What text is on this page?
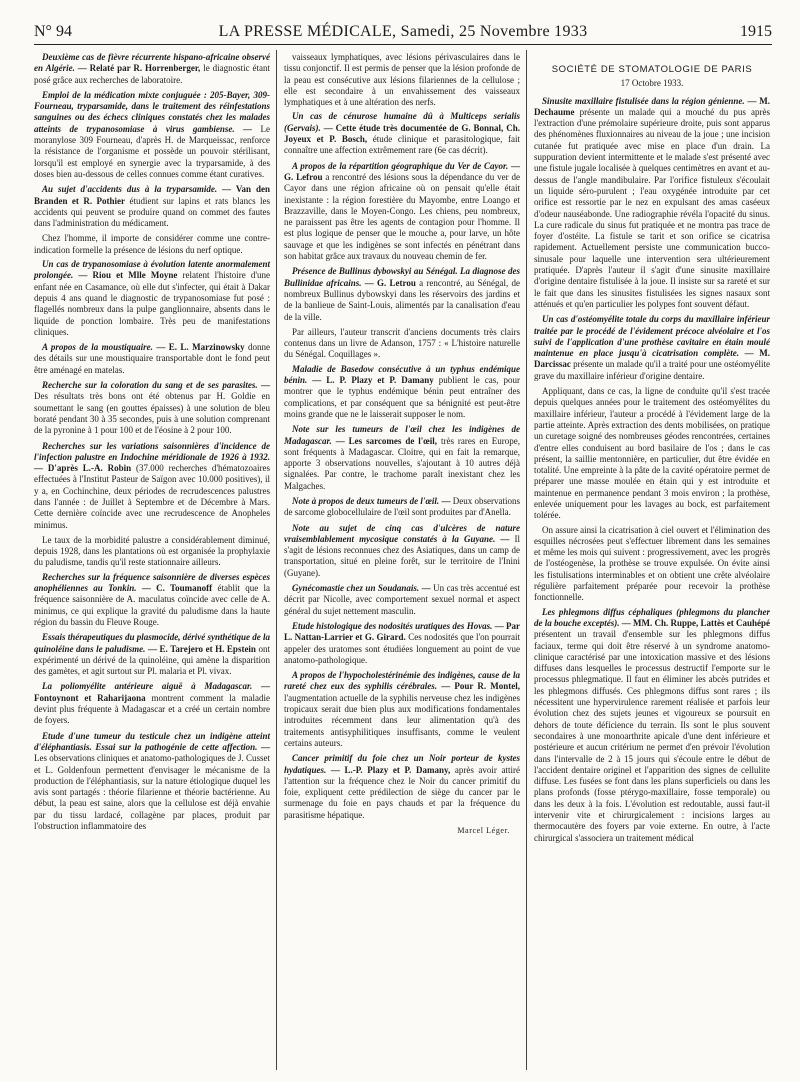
N° 94	LA PRESSE MÉDICALE, Samedi, 25 Novembre 1933	1915

Deuxième cas de fièvre récurrente hispano-africaine observé en Algérie. — Relaté par R. Horrenberger, le diagnostic étant posé grâce aux recherches de laboratoire.

Emploi de la médication mixte conjuguée : 205-Bayer, 309-Fourneau, tryparsamide, dans le traitement des réinfestations sanguines ou des échecs cliniques constatés chez les malades atteints de trypanosomiase à virus gambiense. — Le moranylose 309 Fourneau, d'après H. de Marqueissac, renforce la résistance de l'organisme et possède un pouvoir stérilisant, lorsqu'il est employé en synergie avec la tryparsamide, à des doses bien au-dessous de celles connues comme étant curatives.

Au sujet d'accidents dus à la tryparsamide. — Van den Branden et R. Pothier étudient sur lapins et rats blancs les accidents qui peuvent se produire quand on commet des fautes dans l'administration du médicament.

Chez l'homme, il importe de considérer comme une contre-indication formelle la présence de lésions du nerf optique.

Un cas de trypanosomiase à évolution latente anormalement prolongée. — Riou et Mlle Moyne relatent l'histoire d'une enfant née en Casamance, où elle dut s'infecter, qui était à Dakar depuis 4 ans quand le diagnostic de trypanosomiase fut posé : flagellés nombreux dans la pulpe ganglionnaire, absents dans le liquide de ponction lombaire. Très peu de manifestations cliniques.

A propos de la moustiquaire. — E. L. Marzinowsky donne des détails sur une moustiquaire transportable dont le fond peut être aménagé en matelas.

Recherche sur la coloration du sang et de ses parasites. — Des résultats très bons ont été obtenus par H. Goldie en soumettant le sang (en gouttes épaisses) à une solution de bleu boraté pendant 30 à 35 secondes, puis à une solution comprenant de la pyronine à 1 pour 100 et de l'éosine à 2 pour 100.

Recherches sur les variations saisonnières d'incidence de l'infection palustre en Indochine méridionale de 1926 à 1932. — D'après L.-A. Robin (37.000 recherches d'hématozoaires effectuées à l'Institut Pasteur de Saïgon avec 10.000 positives), il y a, en Cochinchine, deux périodes de recrudescences palustres dans l'année : de Juillet à Septembre et de Décembre à Mars. Cette dernière coïncide avec une recrudescence de Anopheles minimus.

Le taux de la morbidité palustre a considérablement diminué, depuis 1928, dans les plantations où est organisée la prophylaxie du paludisme, tandis qu'il reste stationnaire ailleurs.

Recherches sur la fréquence saisonnière de diverses espèces anophéliennes au Tonkin. — C. Toumanoff établit que la fréquence saisonnière de A. maculatus coïncide avec celle de A. minimus, ce qui explique la gravité du paludisme dans la haute région du bassin du Fleuve Rouge.

Essais thérapeutiques du plasmocide, dérivé synthétique de la quinoléine dans le paludisme. — E. Tarejero et H. Epstein ont expérimenté un dérivé de la quinoléine, qui amène la disparition des gamètes, et agit surtout sur Pl. malaria et Pl. vivax.

La poliomyélite antérieure aiguë à Madagascar. — Fontoynont et Raharijaona montrent comment la maladie devint plus fréquente à Madagascar et a créé un certain nombre de foyers.

Etude d'une tumeur du testicule chez un indigène atteint d'éléphantiasis. Essai sur la pathogénie de cette affection. — Les observations cliniques et anatomo-pathologiques de J. Cusset et L. Goldenfoun permettent d'envisager le mécanisme de la production de l'éléphantiasis, sur la nature étiologique duquel les avis sont partagés : théorie filarienne et théorie bactérienne. Au début, la peau est saine, alors que la cellulose est déjà envahie par du tissu lardacé, collagène par places, produit par l'obstruction inflammatoire des

vaisseaux lymphatiques, avec lésions périvasculaires dans le tissu conjonctif. Il est permis de penser que la lésion profonde de la peau est consécutive aux lésions filariennes de la cellulose ; elle est secondaire à un envahissement des vaisseaux lymphatiques et à une altération des nerfs.

Un cas de cénurose humaine dû à Multiceps serialis (Gervais). — Cette étude très documentée de G. Bonnal, Ch. Joyeux et P. Bosch, étude clinique et parasitologique, fait connaître une affection extrêmement rare (6e cas décrit).

A propos de la répartition géographique du Ver de Cayor. — G. Lefrou a rencontré des lésions sous la dépendance du ver de Cayor dans une région africaine où on pensait qu'elle était inexistante : la région forestière du Mayombe, entre Loango et Brazzaville, dans le Moyen-Congo. Les chiens, peu nombreux, ne paraissent pas être les agents de contagion pour l'homme. Il est plus logique de penser que le mouche a, pour larve, un hôte sauvage et que les indigènes se sont infectés en pénétrant dans son habitat grâce aux travaux du nouveau chemin de fer.

Présence de Bullinus dybowskyi au Sénégal. La diagnose des Bullinidae africains. — G. Letrou a rencontré, au Sénégal, de nombreux Bullinus dybowskyi dans les réservoirs des jardins et de la banlieue de Saint-Louis, alimentés par la canalisation d'eau de la ville.

Par ailleurs, l'auteur transcrit d'anciens documents très clairs contenus dans un livre de Adanson, 1757 : « L'histoire naturelle du Sénégal. Coquillages ».

Maladie de Basedow consécutive à un typhus endémique bénin. — L. P. Plazy et P. Damany publient le cas, pour montrer que le typhus endémique bénin peut entraîner des complications, et par conséquent que sa bénignité est peut-être moins grande que ne le laisserait supposer le nom.

Note sur les tumeurs de l'œil chez les indigènes de Madagascar. — Les sarcomes de l'œil, très rares en Europe, sont fréquents à Madagascar. Cloitre, qui en fait la remarque, apporte 3 observations nouvelles, s'ajoutant à 10 autres déjà signalées. Par contre, le trachome paraît inexistant chez les Malgaches.

Note à propos de deux tumeurs de l'œil. — Deux observations de sarcome globocellulaire de l'œil sont produites par d'Anella.

Note au sujet de cinq cas d'ulcères de nature vraisemblablement mycosique constatés à la Guyane. — Il s'agit de lésions reconnues chez des Asiatiques, dans un camp de transportation, situé en pleine forêt, sur le territoire de l'Inini (Guyane).

Gynécomastie chez un Soudanais. — Un cas très accentué est décrit par Nicolle, avec comportement sexuel normal et aspect général du sujet nettement masculin.

Etude histologique des nodosités uratiques des Hovas. — Par L. Nattan-Larrier et G. Girard. Ces nodosités que l'on pourrait appeler des uratomes sont étudiées longuement au point de vue anatomo-pathologique.

A propos de l'hypocholestérinémie des indigènes, cause de la rareté chez eux des syphilis cérébrales. — Pour R. Montel, l'augmentation actuelle de la syphilis nerveuse chez les indigènes tropicaux serait due bien plus aux modifications fondamentales introduites récemment dans leur alimentation qu'à des traitements antisyphilitiques insuffisants, comme le veulent certains auteurs.

Cancer primitif du foie chez un Noir porteur de kystes hydatiques. — L.-P. Plazy et P. Damany, après avoir attiré l'attention sur la fréquence chez le Noir du cancer primitif du foie, expliquent cette prédilection de siège du cancer par le surmenage du foie en pays chauds et par la fréquence du parasitisme hépatique.

Marcel Léger.
SOCIÉTÉ DE STOMATOLOGIE DE PARIS
17 Octobre 1933.

Sinusite maxillaire fistulisée dans la région génienne. — M. Dechaume présente un malade qui a mouché du pus après l'extraction d'une prémolaire supérieure droite, puis sont apparus des phénomènes fluxionnaires au niveau de la joue ; une incision cutanée fut pratiquée avec mise en place d'un drain. La suppuration devient intermittente et le malade s'est présenté avec une fistule jugale localisée à quelques centimètres en avant et au-dessus de l'angle mandibulaire. Par l'orifice fistuleux s'écoulait un liquide séro-purulent ; l'eau oxygénée introduite par cet orifice est ressortie par le nez en expulsant des amas caséeux d'odeur nauséabonde. Une radiographie révéla l'opacité du sinus. La cure radicale du sinus fut pratiquée et ne montra pas trace de foyer d'ostéite. La fistule se tarit et son orifice se cicatrisa rapidement. Actuellement persiste une communication bucco-sinusale pour laquelle une intervention sera ultérieurement pratiquée. D'après l'auteur il s'agit d'une sinusite maxillaire d'origine dentaire fistulisée à la joue. Il insiste sur sa rareté et sur le fait que dans les sinusites fistulisées les signes nasaux sont atténués et qu'en particulier les polypes font souvent défaut.

Un cas d'ostéomyélite totale du corps du maxillaire inférieur traitée par le procédé de l'évidement précoce alvéolaire et l'os suivi de l'application d'une prothèse cavitaire en étain moulé maintenue en place jusqu'à cicatrisation complète. — M. Darcissac présente un malade qu'il a traité pour une ostéomyélite grave du maxillaire inférieur d'origine dentaire.

Appliquant, dans ce cas, la ligne de conduite qu'il s'est tracée depuis quelques années pour le traitement des ostéomyélites du maxillaire inférieur, l'auteur a procédé à l'évidement large de la partie atteinte. Après extraction des dents mobilisées, on pratique un curetage soigné des nombreuses géodes rencontrées, certaines d'entre elles conduisent au bord basilaire de l'os ; dans le cas présent, la saillie mentonnière, en particulier, dut être évidée en totalité. Une empreinte à la pâte de la cavité opératoire permet de préparer une masse moulée en étain qui y est introduite et maintenue en permanence pendant 3 mois environ ; la prothèse, enlevée uniquement pour les lavages au bock, est parfaitement tolérée.

On assure ainsi la cicatrisation à ciel ouvert et l'élimination des esquilles nécrosées peut s'effectuer librement dans les semaines et même les mois qui suivent : progressivement, avec les progrès de l'ostéogenèse, la prothèse se trouve expulsée. On évite ainsi les fistulisations interminables et on obtient une crête alvéolaire régulière parfaitement préparée pour recevoir la prothèse fonctionnelle.

Les phlegmons diffus céphaliques (phlegmons du plancher de la bouche exceptés). — MM. Ch. Ruppe, Lattès et Cauhépé présentent un travail d'ensemble sur les phlegmons diffus faciaux, terme qui doit être réservé à un syndrome anatomo-clinique caractérisé par une intoxication massive et des lésions diffuses dans lesquelles le processus destructif l'emporte sur le processus phlegmatique. Il faut en éliminer les abcès putrides et les phlegmons diffusés. Ces phlegmons diffus sont rares ; ils nécessitent une hypervirulence rarement réalisée et parfois leur évolution chez des sujets jeunes et vigoureux se poursuit en dehors de toute déficience du terrain. Ils sont le plus souvent secondaires à une monoarthrite apicale d'une dent inférieure et postérieure et aucun critérium ne permet d'en prévoir l'évolution dans l'intervalle de 2 à 15 jours qui s'écoule entre le début de l'accident dentaire originel et l'apparition des signes de cellulite diffuse. Les fusées se font dans les plans superficiels ou dans les plans profonds (fosse ptérygo-maxillaire, fosse temporale) ou dans les deux à la fois. L'évolution est redoutable, aussi faut-il intervenir vite et chirurgicalement : incisions larges au thermocautère des foyers par voie externe. En outre, à l'acte chirurgical s'associera un traitement médical
